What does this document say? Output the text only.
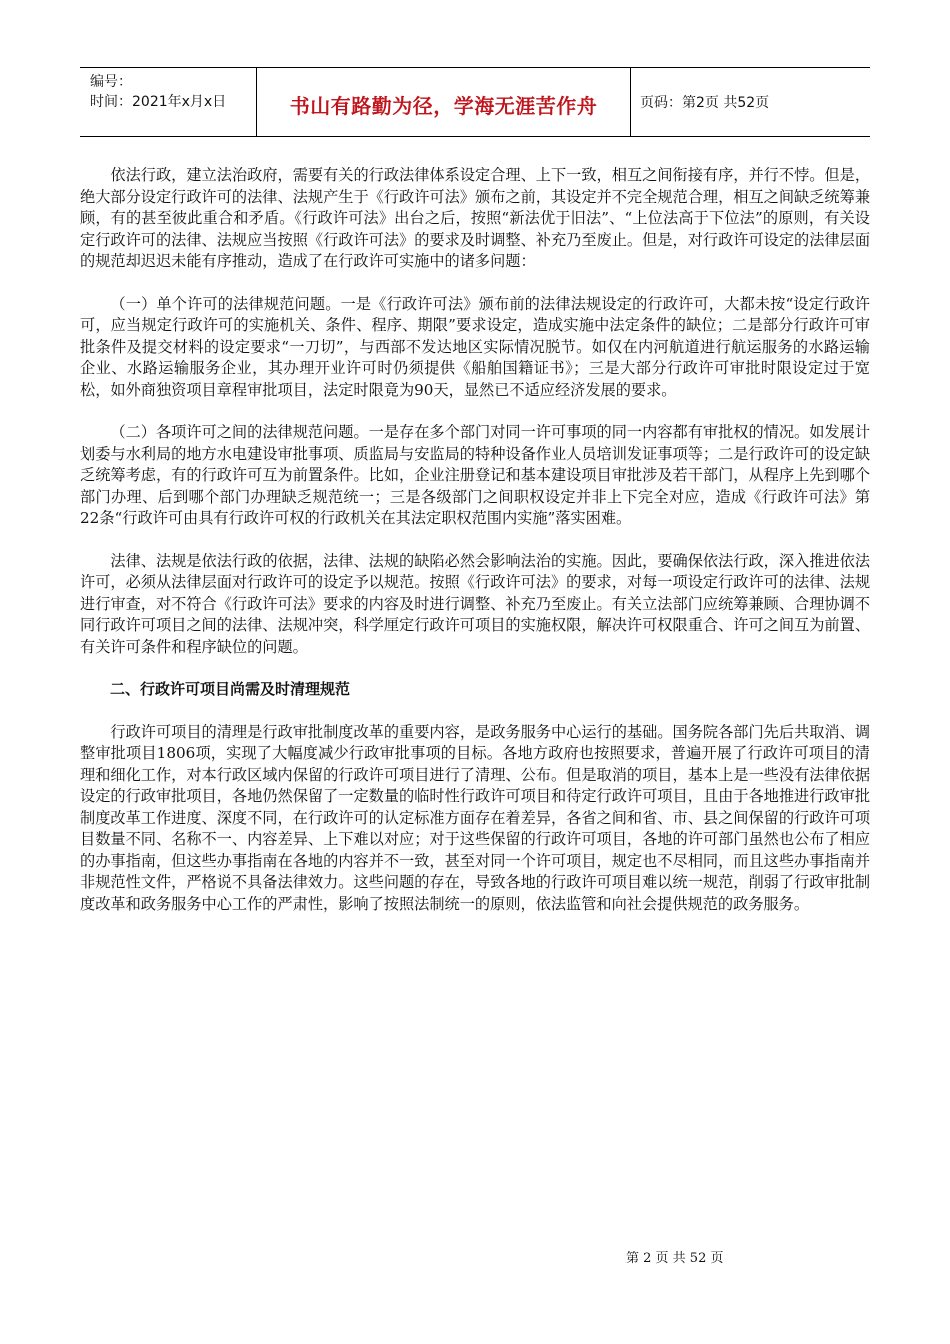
编号：
时间：2021年x月x日	书山有路勤为径，学海无涯苦作舟	页码：第2页 共52页

依法行政，建立法治政府，需要有关的行政法律体系设定合理、上下一致，相互之间衔接有序，并行不悖。但是，绝大部分设定行政许可的法律、法规产生于《行政许可法》颁布之前，其设定并不完全规范合理，相互之间缺乏统筹兼顾，有的甚至彼此重合和矛盾。《行政许可法》出台之后，按照“新法优于旧法”、“上位法高于下位法”的原则，有关设定行政许可的法律、法规应当按照《行政许可法》的要求及时调整、补充乃至废止。但是，对行政许可设定的法律层面的规范却迟迟未能有序推动，造成了在行政许可实施中的诸多问题：

（一）单个许可的法律规范问题。一是《行政许可法》颁布前的法律法规设定的行政许可，大都未按“设定行政许可，应当规定行政许可的实施机关、条件、程序、期限”要求设定，造成实施中法定条件的缺位；二是部分行政许可审批条件及提交材料的设定要求“一刀切”，与西部不发达地区实际情况脱节。如仅在内河航道进行航运服务的水路运输企业、水路运输服务企业，其办理开业许可时仍须提供《船舶国籍证书》；三是大部分行政许可审批时限设定过于宽松，如外商独资项目章程审批项目，法定时限竟为90天，显然已不适应经济发展的要求。

（二）各项许可之间的法律规范问题。一是存在多个部门对同一许可事项的同一内容都有审批权的情况。如发展计划委与水利局的地方水电建设审批事项、质监局与安监局的特种设备作业人员培训发证事项等；二是行政许可的设定缺乏统筹考虑，有的行政许可互为前置条件。比如，企业注册登记和基本建设项目审批涉及若干部门，从程序上先到哪个部门办理、后到哪个部门办理缺乏规范统一；三是各级部门之间职权设定并非上下完全对应，造成《行政许可法》第22条“行政许可由具有行政许可权的行政机关在其法定职权范围内实施”落实困难。

法律、法规是依法行政的依据，法律、法规的缺陷必然会影响法治的实施。因此，要确保依法行政，深入推进依法许可，必须从法律层面对行政许可的设定予以规范。按照《行政许可法》的要求，对每一项设定行政许可的法律、法规进行审查，对不符合《行政许可法》要求的内容及时进行调整、补充乃至废止。有关立法部门应统筹兼顾、合理协调不同行政许可项目之间的法律、法规冲突，科学厘定行政许可项目的实施权限，解决许可权限重合、许可之间互为前置、有关许可条件和程序缺位的问题。

二、行政许可项目尚需及时清理规范

行政许可项目的清理是行政审批制度改革的重要内容，是政务服务中心运行的基础。国务院各部门先后共取消、调整审批项目1806项，实现了大幅度减少行政审批事项的目标。各地方政府也按照要求，普遍开展了行政许可项目的清理和细化工作，对本行政区域内保留的行政许可项目进行了清理、公布。但是取消的项目，基本上是一些没有法律依据设定的行政审批项目，各地仍然保留了一定数量的临时性行政许可项目和待定行政许可项目，且由于各地推进行政审批制度改革工作进度、深度不同，在行政许可的认定标准方面存在着差异，各省之间和省、市、县之间保留的行政许可项目数量不同、名称不一、内容差异、上下难以对应；对于这些保留的行政许可项目，各地的许可部门虽然也公布了相应的办事指南，但这些办事指南在各地的内容并不一致，甚至对同一个许可项目，规定也不尽相同，而且这些办事指南并非规范性文件，严格说不具备法律效力。这些问题的存在，导致各地的行政许可项目难以统一规范，削弱了行政审批制度改革和政务服务中心工作的严肃性，影响了按照法制统一的原则，依法监管和向社会提供规范的政务服务。

第 2 页 共 52 页
